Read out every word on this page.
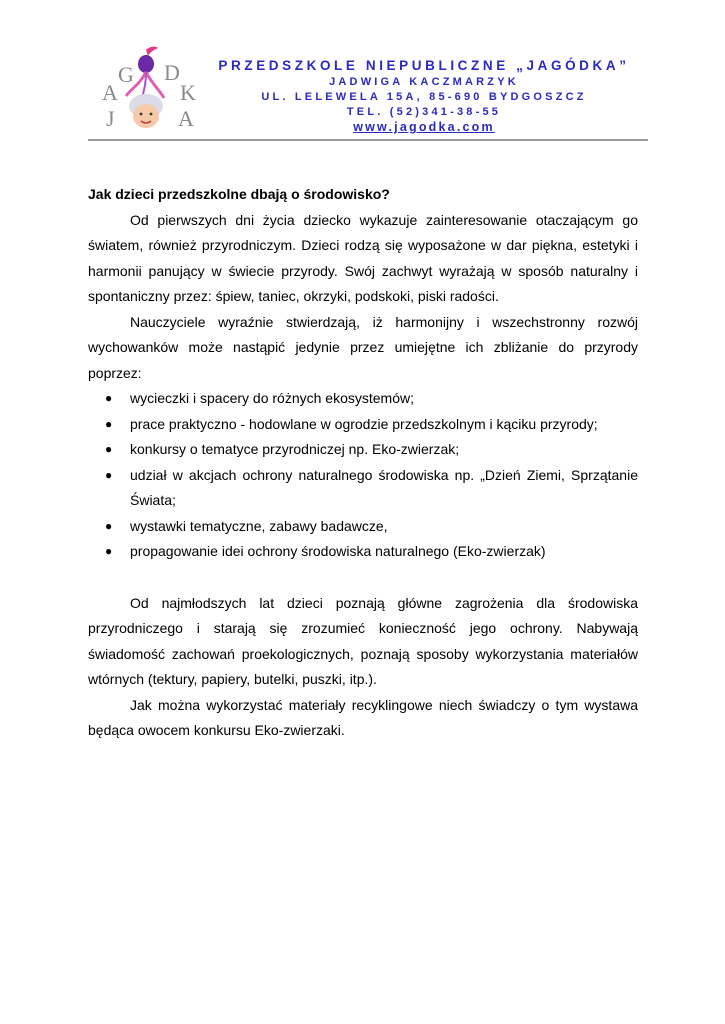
G D
A	K
J	A
PRZEDSZKOLE NIEPUBLICZNE „JAGÓDKA”
JADWIGA KACZMARZYK
UL. LELEWELA 15A, 85-690 BYDGOSZCZ
TEL. (52)341-38-55
www.jagodka.com

Jak dzieci przedszkolne dbają o środowisko?

Od pierwszych dni życia dziecko wykazuje zainteresowanie otaczającym go światem, również przyrodniczym. Dzieci rodzą się wyposażone w dar piękna, estetyki i harmonii panujący w świecie przyrody. Swój zachwyt wyrażają w sposób naturalny i spontaniczny przez: śpiew, taniec, okrzyki, podskoki, piski radości.

Nauczyciele wyraźnie stwierdzają, iż harmonijny i wszechstronny rozwój wychowanków może nastąpić jedynie przez umiejętne ich zbliżanie do przyrody poprzez:

● wycieczki i spacery do różnych ekosystemów;
● prace praktyczno - hodowlane w ogrodzie przedszkolnym i kąciku przyrody;
● konkursy o tematyce przyrodniczej np. Eko-zwierzak;
● udział w akcjach ochrony naturalnego środowiska np. „Dzień Ziemi, Sprzątanie Świata;
● wystawki tematyczne, zabawy badawcze,
● propagowanie idei ochrony środowiska naturalnego (Eko-zwierzak)

Od najmłodszych lat dzieci poznają główne zagrożenia dla środowiska przyrodniczego i starają się zrozumieć konieczność jego ochrony. Nabywają świadomość zachowań proekologicznych, poznają sposoby wykorzystania materiałów wtórnych (tektury, papiery, butelki, puszki, itp.).

Jak można wykorzystać materiały recyklingowe niech świadczy o tym wystawa będąca owocem konkursu Eko-zwierzaki.
